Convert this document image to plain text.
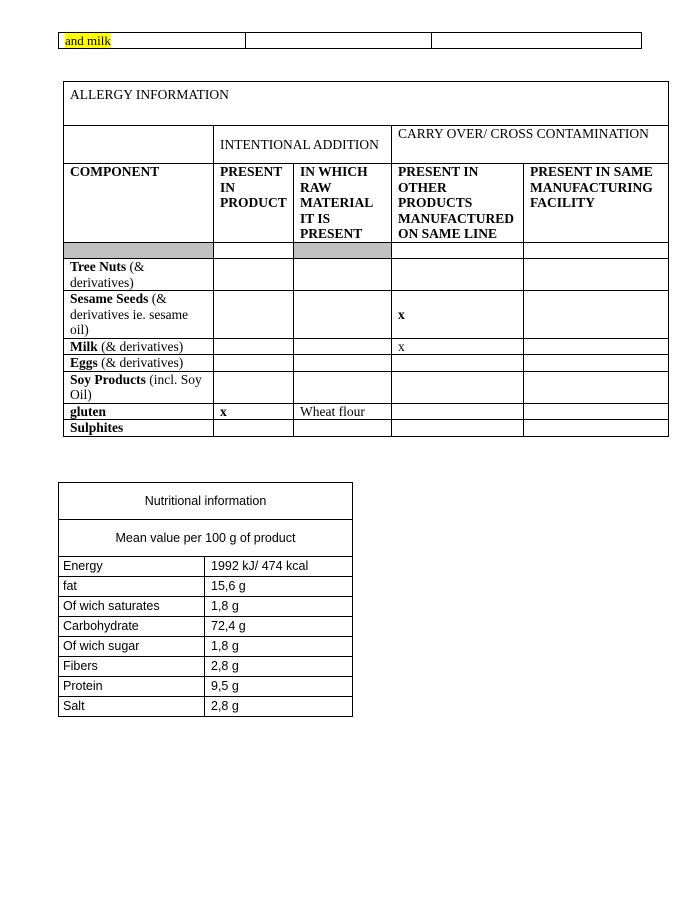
and milk		
ALLERGY INFORMATION				
	INTENTIONAL ADDITION		CARRY OVER/ CROSS CONTAMINATION	
COMPONENT	PRESENT IN PRODUCT	IN WHICH RAW MATERIAL IT IS PRESENT	PRESENT IN OTHER PRODUCTS MANUFACTURED ON SAME LINE	PRESENT IN SAME MANUFACTURING FACILITY

Tree Nuts (& derivatives)				
Sesame Seeds (& derivatives ie. sesame oil)			x	
Milk (& derivatives)			x	
Eggs (& derivatives)				
Soy Products (incl. Soy Oil)				
gluten	x	Wheat flour		
Sulphites				
Nutritional information	
Mean value per 100 g of product	
Energy	1992 kJ/ 474 kcal
fat	15,6 g
Of wich saturates	1,8 g
Carbohydrate	72,4 g
Of wich sugar	1,8 g
Fibers	2,8 g
Protein	9,5 g
Salt	2,8 g
